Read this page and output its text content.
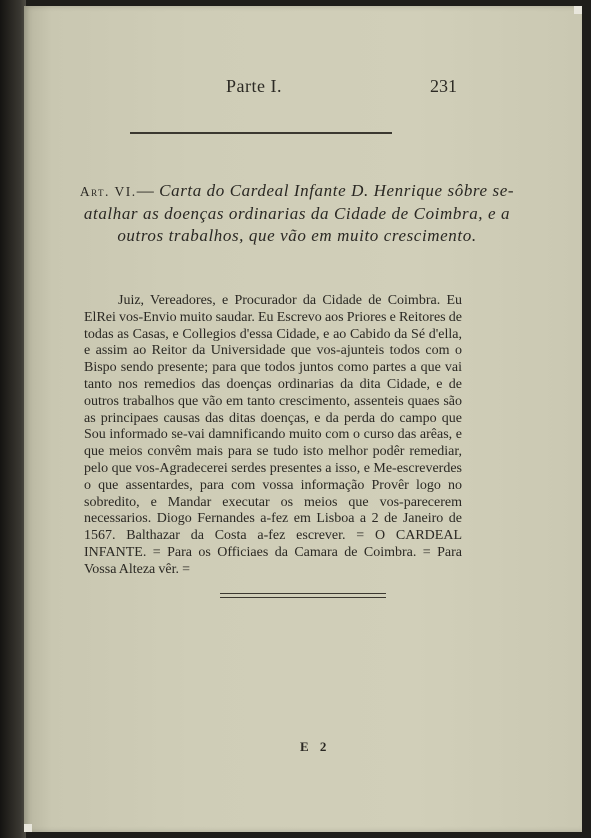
Parte I.	231
Art. VI.— Carta do Cardeal Infante D. Henrique sôbre se-atalhar as doenças ordinarias da Cidade de Coimbra, e a outros trabalhos, que vão em muito crescimento.

Juiz, Vereadores, e Procurador da Cidade de Coimbra. Eu ElRei vos-Envio muito saudar. Eu Escrevo aos Priores e Reitores de todas as Casas, e Collegios d'essa Cidade, e ao Cabido da Sé d'ella, e assim ao Reitor da Universidade que vos-ajunteis todos com o Bispo sendo presente; para que todos juntos como partes a que vai tanto nos remedios das doenças ordinarias da dita Cidade, e de outros trabalhos que vão em tanto crescimento, assenteis quaes são as principaes causas das ditas doenças, e da perda do campo que Sou informado se-vai damnificando muito com o curso das arêas, e que meios convêm mais para se tudo isto melhor podêr remediar, pelo que vos-Agradecerei serdes presentes a isso, e Me-escreverdes o que assentardes, para com vossa informação Provêr logo no sobredito, e Mandar executar os meios que vos-parecerem necessarios. Diogo Fernandes a-fez em Lisboa a 2 de Janeiro de 1567. Balthazar da Costa a-fez escrever. = O CARDEAL INFANTE. = Para os Officiaes da Camara de Coimbra. = Para Vossa Alteza vêr. =

E 2
